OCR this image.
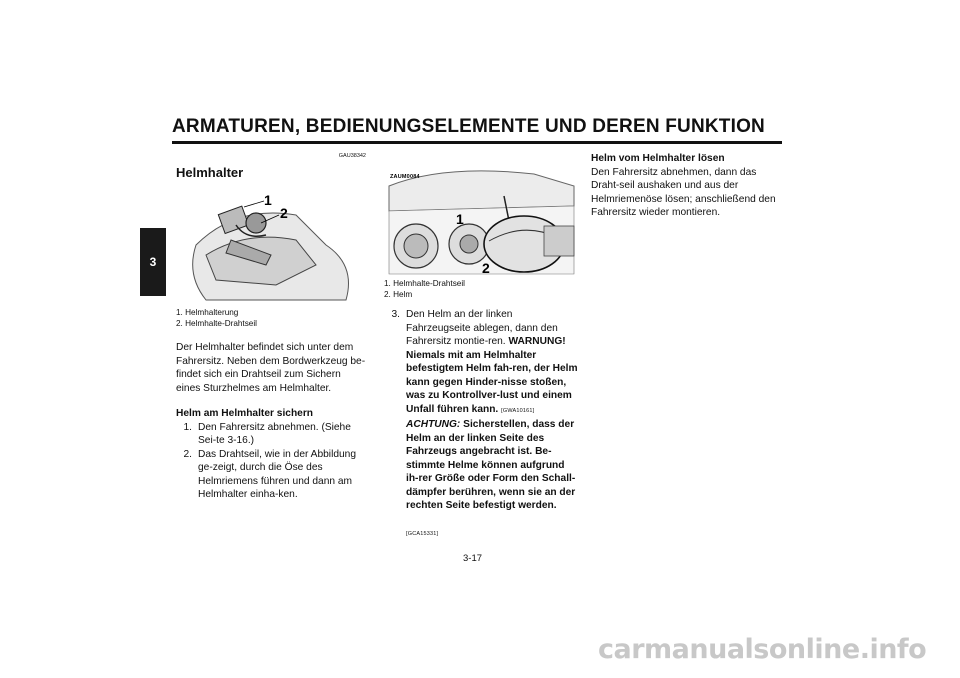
ARMATUREN, BEDIENUNGSELEMENTE UND DEREN FUNKTION
3
GAU38342
Helmhalter
1
2
1. Helmhalterung
2. Helmhalte-Drahtseil

Der Helmhalter befindet sich unter dem Fahrersitz. Neben dem Bordwerkzeug be-findet sich ein Drahtseil zum Sichern eines Sturzhelmes am Helmhalter.

Helm am Helmhalter sichern

1. Den Fahrersitz abnehmen. (Siehe Sei-te 3-16.)
2. Das Drahtseil, wie in der Abbildung ge-zeigt, durch die Öse des Helmriemens führen und dann am Helmhalter einha-ken.
ZAUM0084
1
2
1. Helmhalte-Drahtseil
2. Helm
3. Den Helm an der linken Fahrzeugseite ablegen, dann den Fahrersitz montie-ren. WARNUNG! Niemals mit am Helmhalter befestigtem Helm fah-ren, der Helm kann gegen Hinder-nisse stoßen, was zu Kontrollver-lust und einem Unfall führen kann. [GWA10161] ACHTUNG: Sicherstellen, dass der Helm an der linken Seite des Fahrzeugs angebracht ist. Be-stimmte Helme können aufgrund ih-rer Größe oder Form den Schall-dämpfer berühren, wenn sie an der rechten Seite befestigt werden.

[GCA15331]

Helm vom Helmhalter lösen

Den Fahrersitz abnehmen, dann das Draht-seil aushaken und aus der Helmriemenöse lösen; anschließend den Fahrersitz wieder montieren.

3-17
carmanualsonline.info
